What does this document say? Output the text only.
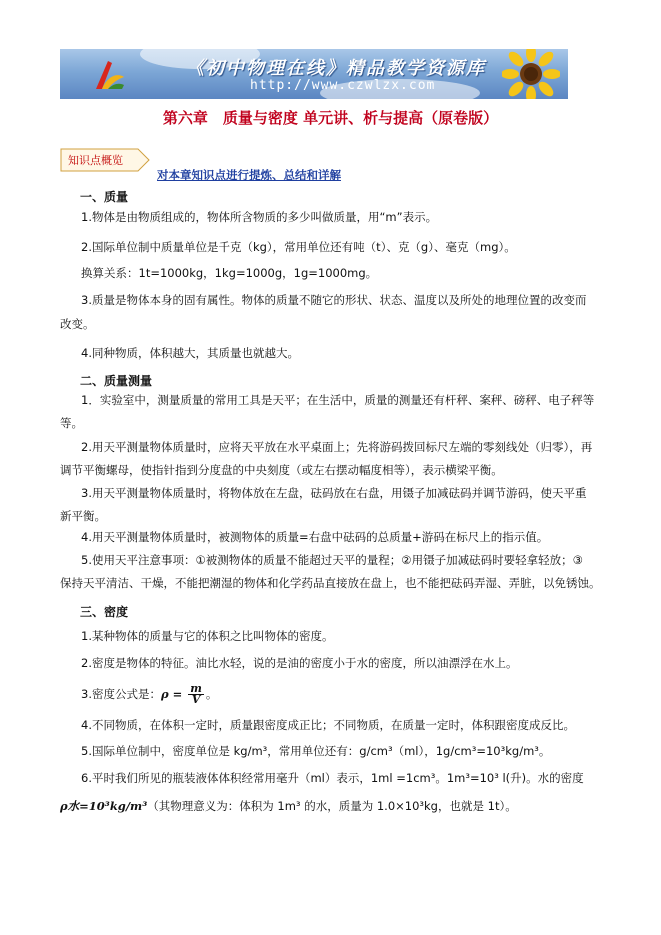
《初中物理在线》精品教学资源库
http://www.czwlzx.com
第六章　质量与密度 单元讲、析与提高（原卷版）
知识点概览
对本章知识点进行提炼、总结和详解
一、质量
1.物体是由物质组成的，物体所含物质的多少叫做质量，用“m”表示。
2.国际单位制中质量单位是千克（kg），常用单位还有吨（t）、克（g）、毫克（mg）。
换算关系：1t=1000kg，1kg=1000g，1g=1000mg。
3.质量是物体本身的固有属性。物体的质量不随它的形状、状态、温度以及所处的地理位置的改变而
改变。
4.同种物质，体积越大，其质量也就越大。
二、质量测量
1．实验室中，测量质量的常用工具是天平；在生活中，质量的测量还有杆秤、案秤、磅秤、电子秤等
等。
2.用天平测量物体质量时，应将天平放在水平桌面上；先将游码拨回标尺左端的零刻线处（归零），再
调节平衡螺母，使指针指到分度盘的中央刻度（或左右摆动幅度相等），表示横梁平衡。
3.用天平测量物体质量时，将物体放在左盘，砝码放在右盘，用镊子加减砝码并调节游码，使天平重
新平衡。
4.用天平测量物体质量时，被测物体的质量=右盘中砝码的总质量+游码在标尺上的指示值。
5.使用天平注意事项：①被测物体的质量不能超过天平的量程；②用镊子加减砝码时要轻拿轻放；③
保持天平清洁、干燥，不能把潮湿的物体和化学药品直接放在盘上，也不能把砝码弄湿、弄脏，以免锈蚀。
三、密度
1.某种物体的质量与它的体积之比叫物体的密度。
2.密度是物体的特征。油比水轻，说的是油的密度小于水的密度，所以油漂浮在水上。
3.密度公式是：$\rho = \frac{m}{V}$ 。
4.不同物质，在体积一定时，质量跟密度成正比；不同物质，在质量一定时，体积跟密度成反比。
5.国际单位制中，密度单位是 kg/m³，常用单位还有：g/cm³（ml），1g/cm³=10³kg/m³。
6.平时我们所见的瓶装液体体积经常用毫升（ml）表示，1ml =1cm³。1m³=10³ l(升)。水的密度
ρ水=10³kg/m³（其物理意义为：体积为 1m³ 的水，质量为 1.0×10³kg，也就是 1t）。
